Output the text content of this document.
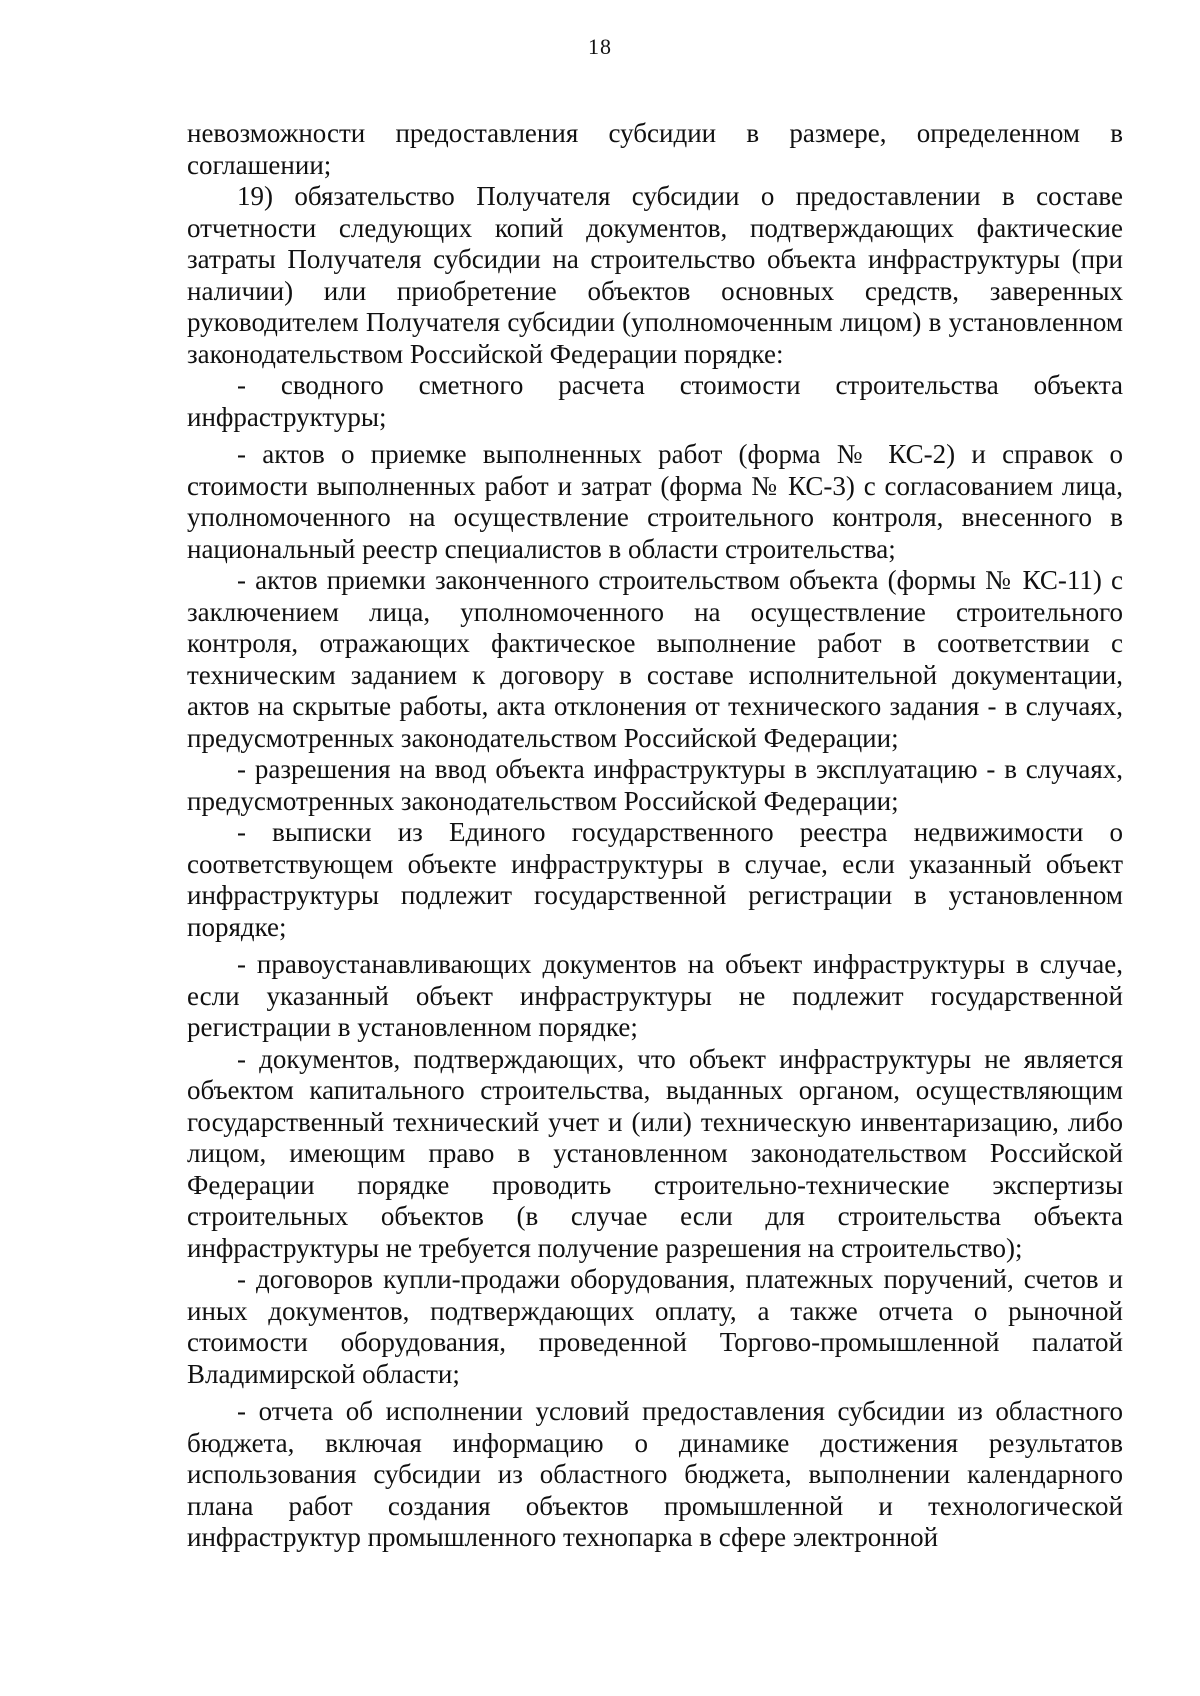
18

невозможности предоставления субсидии в размере, определенном в соглашении;

19) обязательство Получателя субсидии о предоставлении в составе отчетности следующих копий документов, подтверждающих фактические затраты Получателя субсидии на строительство объекта инфраструктуры (при наличии) или приобретение объектов основных средств, заверенных руководителем Получателя субсидии (уполномоченным лицом) в установленном законодательством Российской Федерации порядке:

- сводного сметного расчета стоимости строительства объекта инфраструктуры;

- актов о приемке выполненных работ (форма № КС-2) и справок о стоимости выполненных работ и затрат (форма № КС-3) с согласованием лица, уполномоченного на осуществление строительного контроля, внесенного в национальный реестр специалистов в области строительства;

- актов приемки законченного строительством объекта (формы № КС-11) с заключением лица, уполномоченного на осуществление строительного контроля, отражающих фактическое выполнение работ в соответствии с техническим заданием к договору в составе исполнительной документации, актов на скрытые работы, акта отклонения от технического задания - в случаях, предусмотренных законодательством Российской Федерации;

- разрешения на ввод объекта инфраструктуры в эксплуатацию - в случаях, предусмотренных законодательством Российской Федерации;

- выписки из Единого государственного реестра недвижимости о соответствующем объекте инфраструктуры в случае, если указанный объект инфраструктуры подлежит государственной регистрации в установленном порядке;

- правоустанавливающих документов на объект инфраструктуры в случае, если указанный объект инфраструктуры не подлежит государственной регистрации в установленном порядке;

- документов, подтверждающих, что объект инфраструктуры не является объектом капитального строительства, выданных органом, осуществляющим государственный технический учет и (или) техническую инвентаризацию, либо лицом, имеющим право в установленном законодательством Российской Федерации порядке проводить строительно-технические экспертизы строительных объектов (в случае если для строительства объекта инфраструктуры не требуется получение разрешения на строительство);

- договоров купли-продажи оборудования, платежных поручений, счетов и иных документов, подтверждающих оплату, а также отчета о рыночной стоимости оборудования, проведенной Торгово-промышленной палатой Владимирской области;

- отчета об исполнении условий предоставления субсидии из областного бюджета, включая информацию о динамике достижения результатов использования субсидии из областного бюджета, выполнении календарного плана работ создания объектов промышленной и технологической инфраструктур промышленного технопарка в сфере электронной
